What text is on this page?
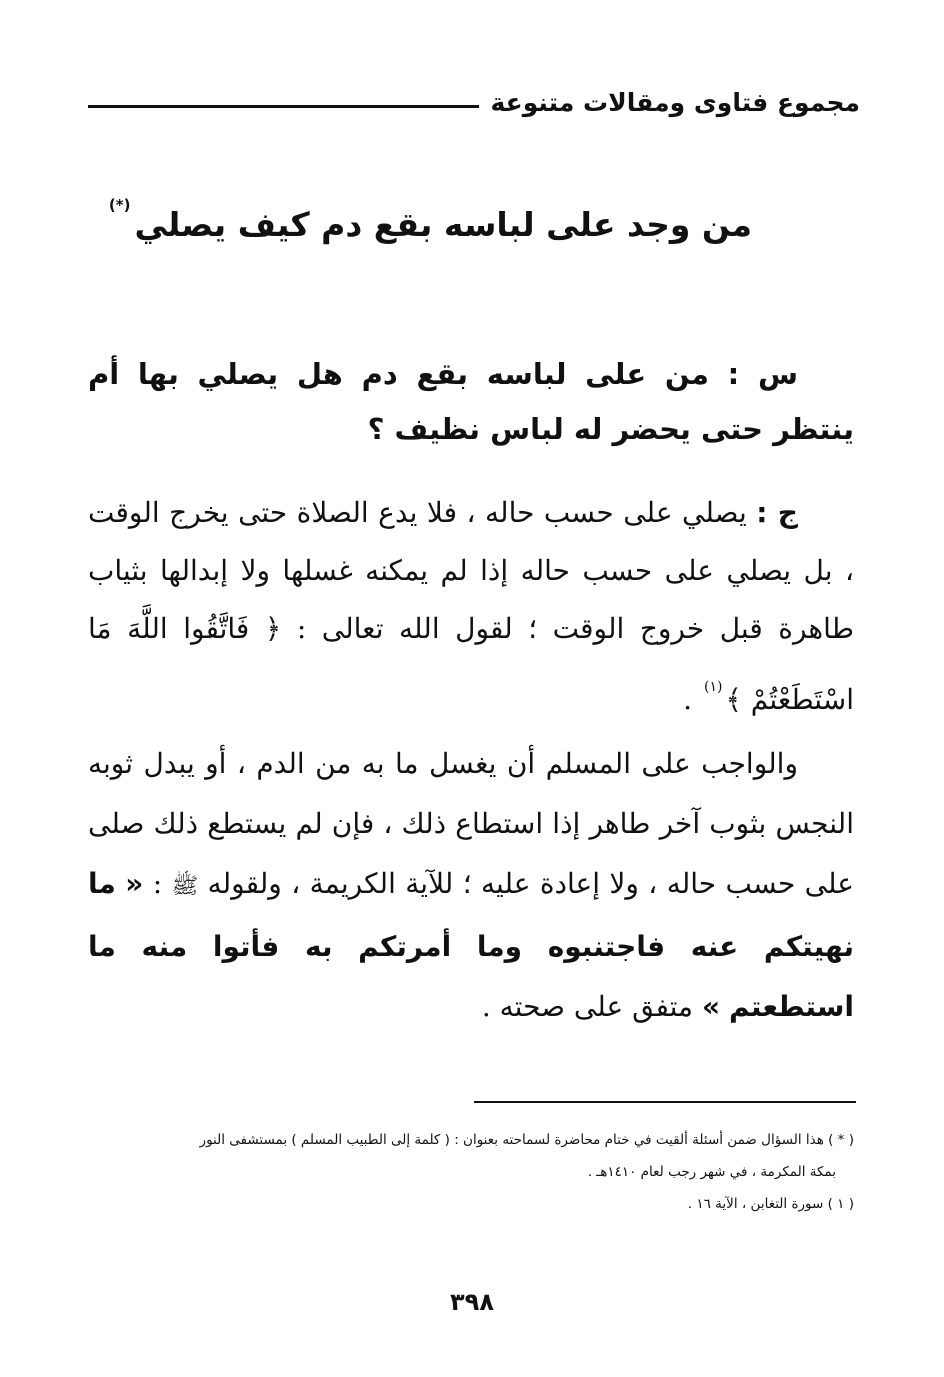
مجموع فتاوى ومقالات متنوعة
من وجد على لباسه بقع دم كيف يصلي(*)

س : من على لباسه بقع دم هل يصلي بها أم ينتظر حتى يحضر له لباس نظيف ؟

ج : يصلي على حسب حاله ، فلا يدع الصلاة حتى يخرج الوقت ، بل يصلي على حسب حاله إذا لم يمكنه غسلها ولا إبدالها بثياب طاهرة قبل خروج الوقت ؛ لقول الله تعالى : ﴿ فَاتَّقُوا اللَّهَ مَا اسْتَطَعْتُمْ ﴾$^{(١)}$ .

والواجب على المسلم أن يغسل ما به من الدم ، أو يبدل ثوبه النجس بثوب آخر طاهر إذا استطاع ذلك ، فإن لم يستطع ذلك صلى على حسب حاله ، ولا إعادة عليه ؛ للآية الكريمة ، ولقوله ﷺ : « ما نهيتكم عنه فاجتنبوه وما أمرتكم به فأتوا منه ما استطعتم » متفق على صحته .

( * ) هذا السؤال ضمن أسئلة ألقيت في ختام محاضرة لسماحته بعنوان : ( كلمة إلى الطبيب المسلم ) بمستشفى النور
بمكة المكرمة ، في شهر رجب لعام ١٤١٠هـ .
( ١ ) سورة التغابن ، الآية ١٦ .
٣٩٨
